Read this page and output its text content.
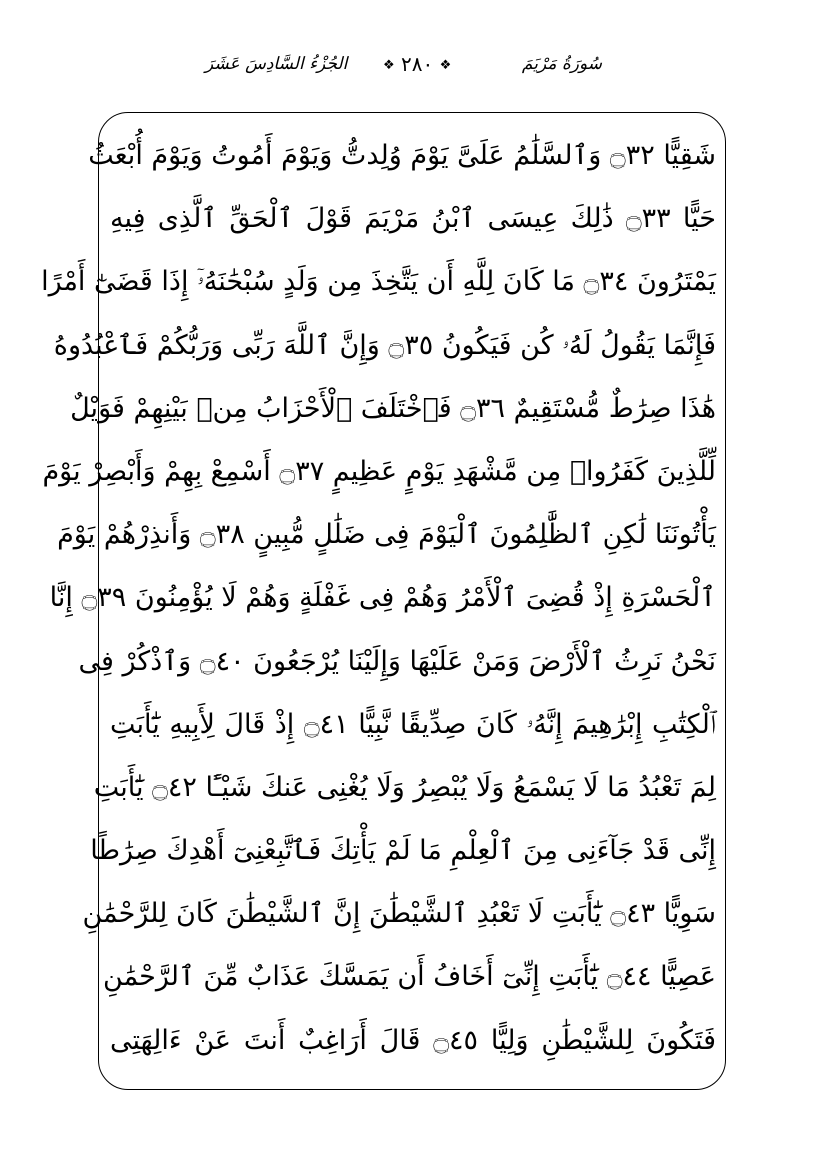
الجُزْءُ السَّادِسَ عَشَرَ	❖ ٢٨٠ ❖	سُورَةُ مَرْيَمَ
شَقِيًّا ۝٣٢ وَٱلسَّلَٰمُ عَلَىَّ يَوْمَ وُلِدتُّ وَيَوْمَ أَمُوتُ وَيَوْمَ أُبْعَثُ
حَيًّا ۝٣٣ ذَٰلِكَ عِيسَى ٱبْنُ مَرْيَمَ قَوْلَ ٱلْحَقِّ ٱلَّذِى فِيهِ
يَمْتَرُونَ ۝٣٤ مَا كَانَ لِلَّهِ أَن يَتَّخِذَ مِن وَلَدٍ سُبْحَٰنَهُۥٓ إِذَا قَضَىٰٓ أَمْرًا
فَإِنَّمَا يَقُولُ لَهُۥ كُن فَيَكُونُ ۝٣٥ وَإِنَّ ٱللَّهَ رَبِّى وَرَبُّكُمْ فَٱعْبُدُوهُ
هَٰذَا صِرَٰطٌ مُّسْتَقِيمٌ ۝٣٦ فَٱخْتَلَفَ ٱلْأَحْزَابُ مِنۢ بَيْنِهِمْ فَوَيْلٌ
لِّلَّذِينَ كَفَرُوا۟ مِن مَّشْهَدِ يَوْمٍ عَظِيمٍ ۝٣٧ أَسْمِعْ بِهِمْ وَأَبْصِرْ يَوْمَ
يَأْتُونَنَا لَٰكِنِ ٱلظَّٰلِمُونَ ٱلْيَوْمَ فِى ضَلَٰلٍ مُّبِينٍ ۝٣٨ وَأَنذِرْهُمْ يَوْمَ
ٱلْحَسْرَةِ إِذْ قُضِىَ ٱلْأَمْرُ وَهُمْ فِى غَفْلَةٍ وَهُمْ لَا يُؤْمِنُونَ ۝٣٩ إِنَّا
نَحْنُ نَرِثُ ٱلْأَرْضَ وَمَنْ عَلَيْهَا وَإِلَيْنَا يُرْجَعُونَ ۝٤٠ وَٱذْكُرْ فِى
ٱلْكِتَٰبِ إِبْرَٰهِيمَ إِنَّهُۥ كَانَ صِدِّيقًا نَّبِيًّا ۝٤١ إِذْ قَالَ لِأَبِيهِ يَٰٓأَبَتِ
لِمَ تَعْبُدُ مَا لَا يَسْمَعُ وَلَا يُبْصِرُ وَلَا يُغْنِى عَنكَ شَيْـًٔا ۝٤٢ يَٰٓأَبَتِ
إِنِّى قَدْ جَآءَنِى مِنَ ٱلْعِلْمِ مَا لَمْ يَأْتِكَ فَٱتَّبِعْنِىٓ أَهْدِكَ صِرَٰطًا
سَوِيًّا ۝٤٣ يَٰٓأَبَتِ لَا تَعْبُدِ ٱلشَّيْطَٰنَ إِنَّ ٱلشَّيْطَٰنَ كَانَ لِلرَّحْمَٰنِ
عَصِيًّا ۝٤٤ يَٰٓأَبَتِ إِنِّىٓ أَخَافُ أَن يَمَسَّكَ عَذَابٌ مِّنَ ٱلرَّحْمَٰنِ
فَتَكُونَ لِلشَّيْطَٰنِ وَلِيًّا ۝٤٥ قَالَ أَرَاغِبٌ أَنتَ عَنْ ءَالِهَتِى
